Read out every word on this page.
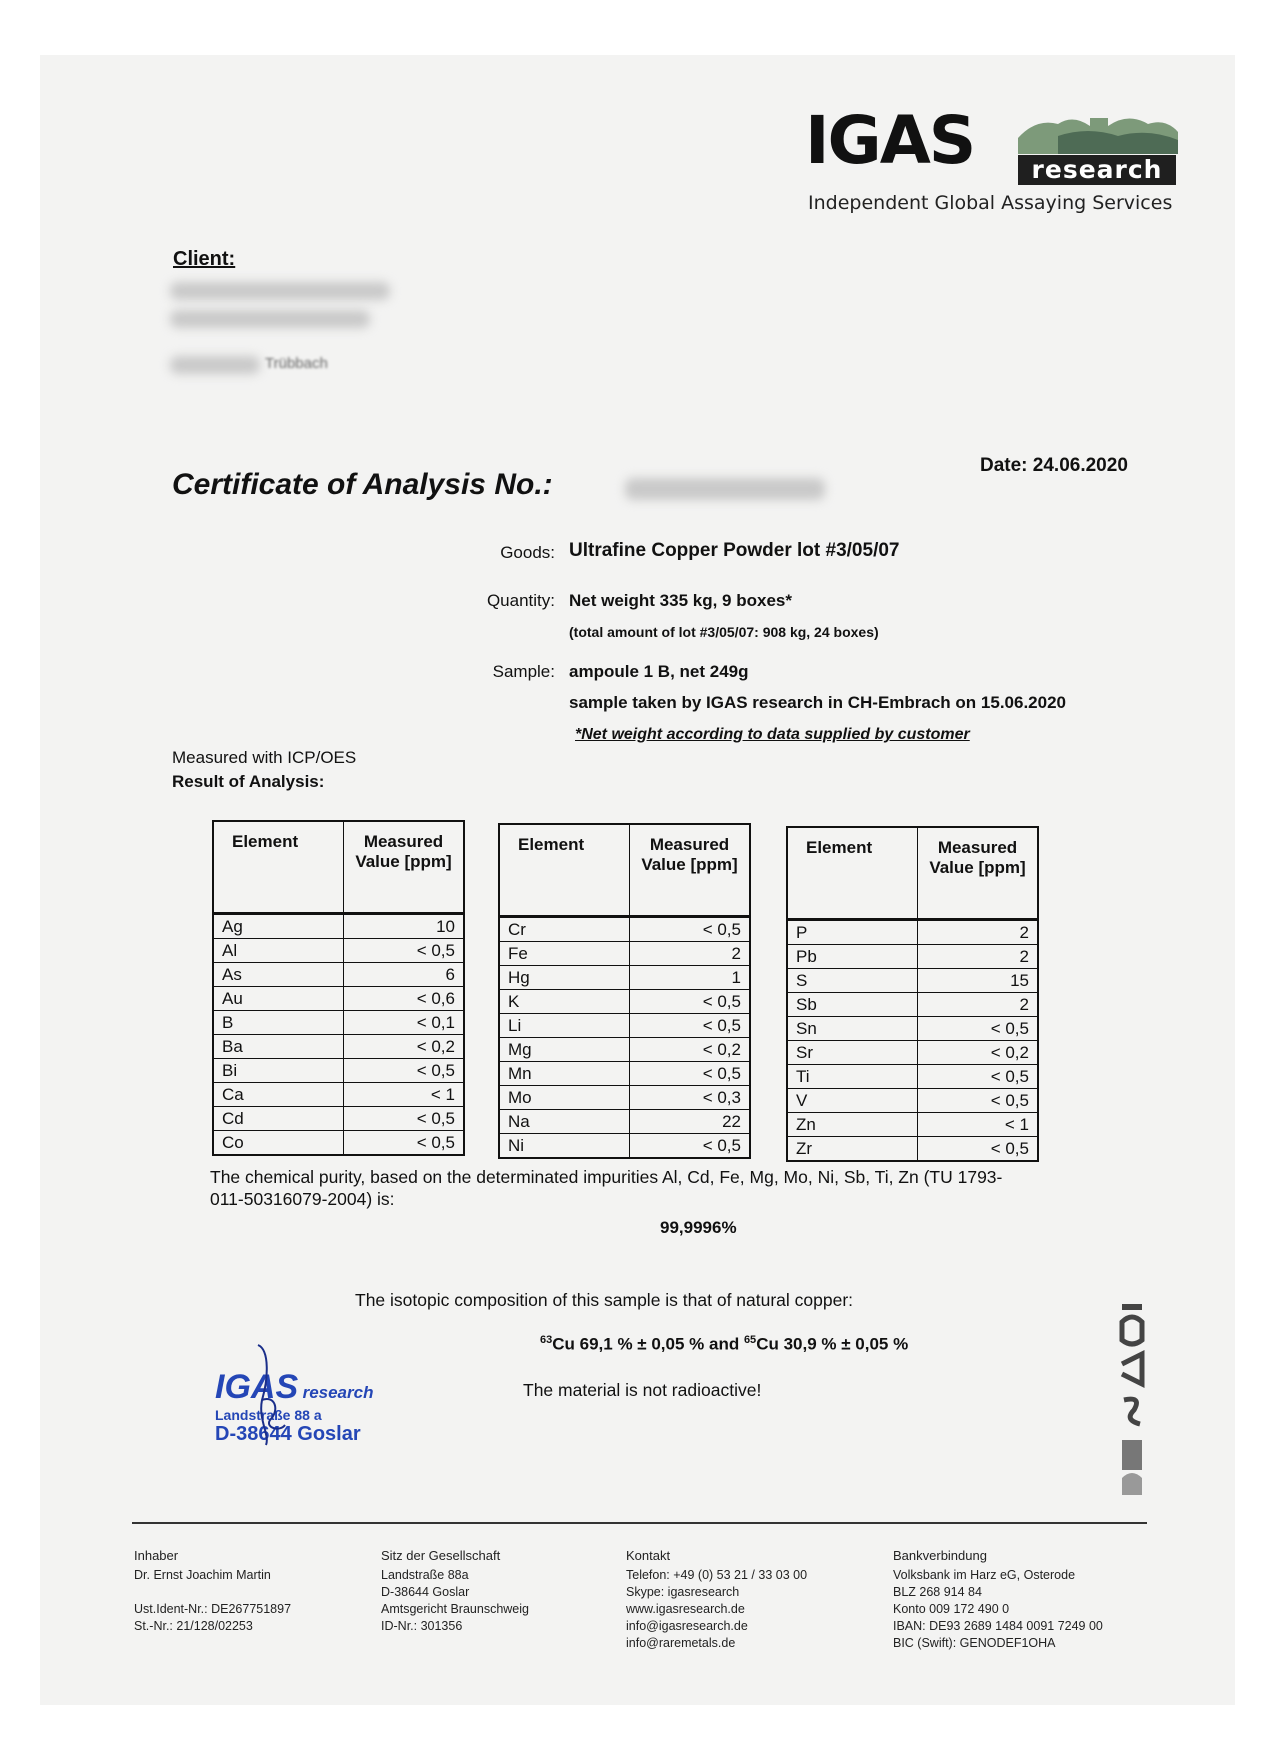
IGAS	research
Independent Global Assaying Services
Client:
Trübbach
Date: 24.06.2020
Certificate of Analysis No.:
Goods: Ultrafine Copper Powder lot #3/05/07
Quantity: Net weight 335 kg, 9 boxes*
(total amount of lot #3/05/07: 908 kg, 24 boxes)
Sample: ampoule 1 B, net 249g
sample taken by IGAS research in CH-Embrach on 15.06.2020
*Net weight according to data supplied by customer
Measured with ICP/OES
Result of Analysis:
Element	Measured Value [ppm]
Ag	10
Al	< 0,5
As	6
Au	< 0,6
B	< 0,1
Ba	< 0,2
Bi	< 0,5
Ca	< 1
Cd	< 0,5
Co	< 0,5
Element	Measured Value [ppm]
Cr	< 0,5
Fe	2
Hg	1
K	< 0,5
Li	< 0,5
Mg	< 0,2
Mn	< 0,5
Mo	< 0,3
Na	22
Ni	< 0,5
Element	Measured Value [ppm]
P	2
Pb	2
S	15
Sb	2
Sn	< 0,5
Sr	< 0,2
Ti	< 0,5
V	< 0,5
Zn	< 1
Zr	< 0,5
The chemical purity, based on the determinated impurities Al, Cd, Fe, Mg, Mo, Ni, Sb, Ti, Zn (TU 1793-011-50316079-2004) is:
99,9996%
The isotopic composition of this sample is that of natural copper:
$^{63}$Cu 69,1 % ± 0,05 % and $^{65}$Cu 30,9 % ± 0,05 %
The material is not radioactive!
IGAS research
Landstraße 88 a
D-38644 Goslar
Inhaber
Dr. Ernst Joachim Martin
Ust.Ident-Nr.: DE267751897
St.-Nr.: 21/128/02253
Sitz der Gesellschaft
Landstraße 88a
D-38644 Goslar
Amtsgericht Braunschweig
ID-Nr.: 301356
Kontakt
Telefon: +49 (0) 53 21 / 33 03 00
Skype: igasresearch
www.igasresearch.de
info@igasresearch.de
info@raremetals.de
Bankverbindung
Volksbank im Harz eG, Osterode
BLZ 268 914 84
Konto 009 172 490 0
IBAN: DE93 2689 1484 0091 7249 00
BIC (Swift): GENODEF1OHA
